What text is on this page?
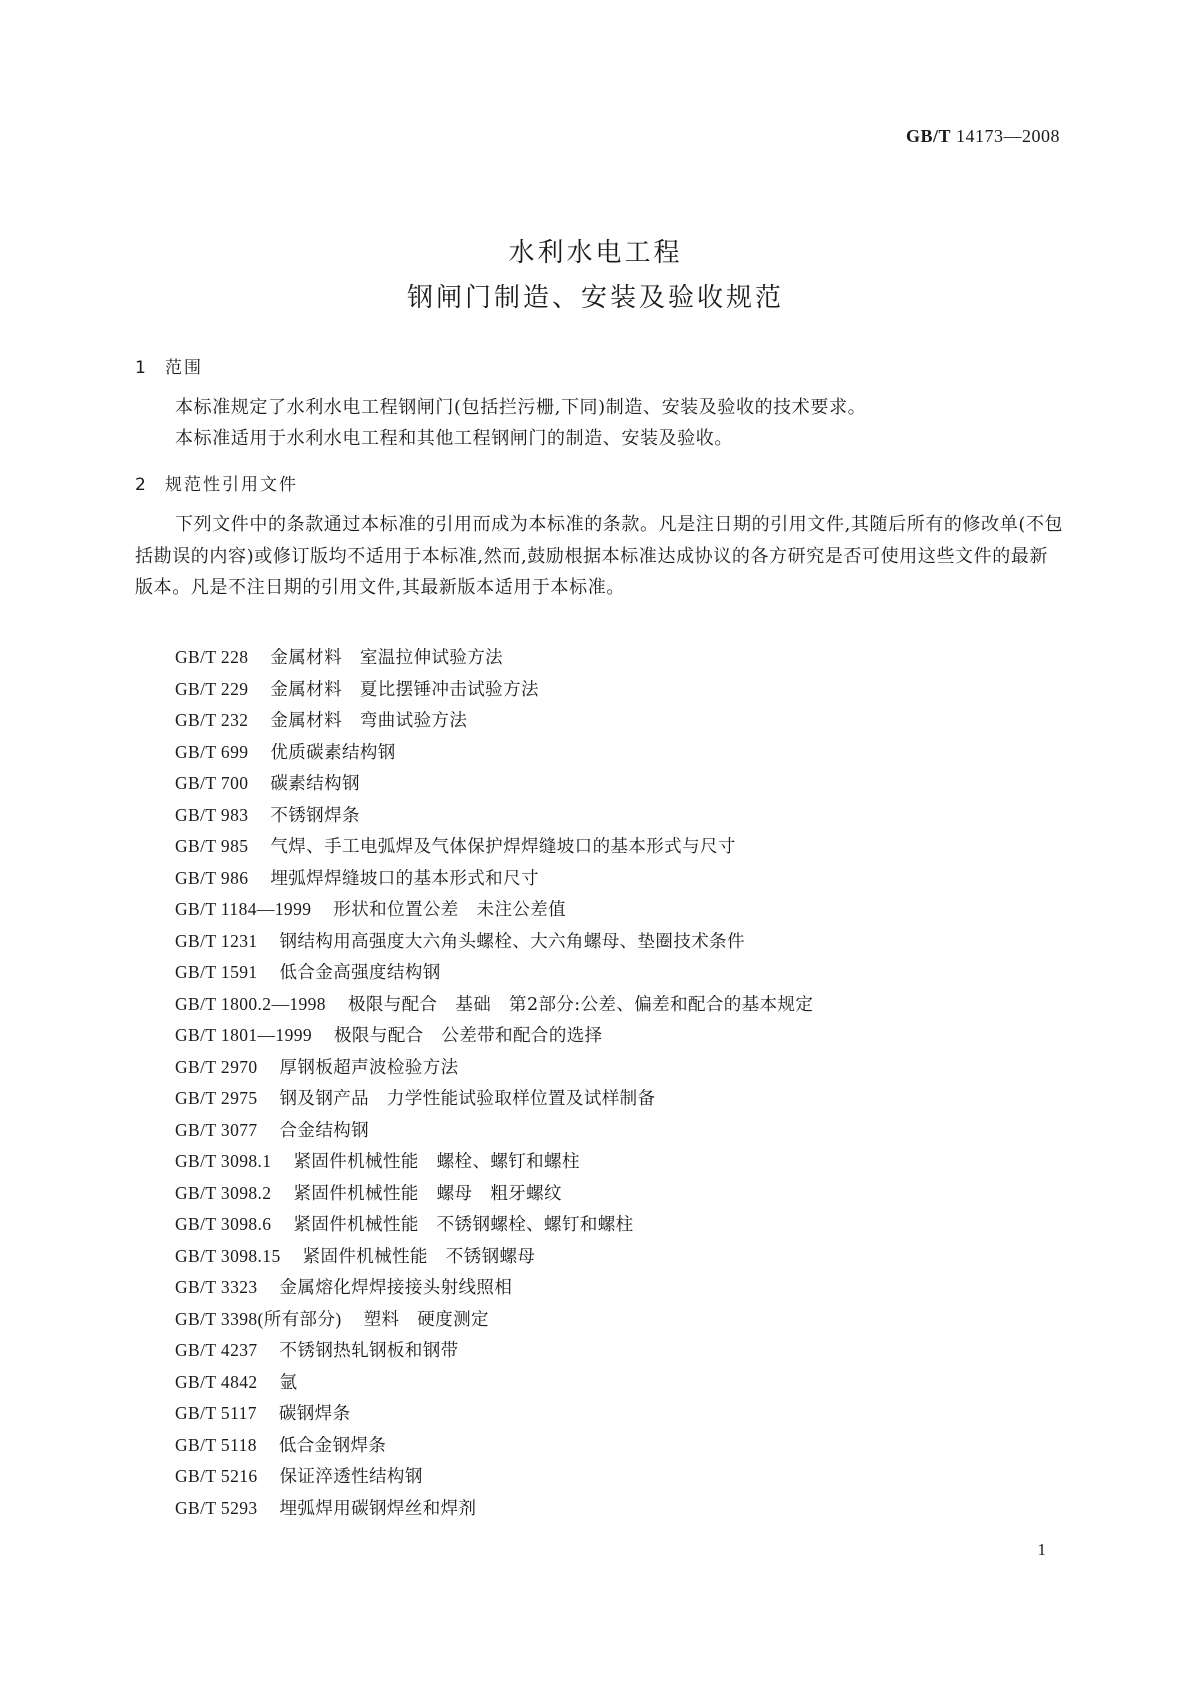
GB/T 14173—2008
水利水电工程
钢闸门制造、安装及验收规范
1 范围
本标准规定了水利水电工程钢闸门(包括拦污栅,下同)制造、安装及验收的技术要求。
本标准适用于水利水电工程和其他工程钢闸门的制造、安装及验收。
2 规范性引用文件
下列文件中的条款通过本标准的引用而成为本标准的条款。凡是注日期的引用文件,其随后所有的修改单(不包括勘误的内容)或修订版均不适用于本标准,然而,鼓励根据本标准达成协议的各方研究是否可使用这些文件的最新版本。凡是不注日期的引用文件,其最新版本适用于本标准。
GB/T 228 金属材料　室温拉伸试验方法
GB/T 229 金属材料　夏比摆锤冲击试验方法
GB/T 232 金属材料　弯曲试验方法
GB/T 699 优质碳素结构钢
GB/T 700 碳素结构钢
GB/T 983 不锈钢焊条
GB/T 985 气焊、手工电弧焊及气体保护焊焊缝坡口的基本形式与尺寸
GB/T 986 埋弧焊焊缝坡口的基本形式和尺寸
GB/T 1184—1999 形状和位置公差　未注公差值
GB/T 1231 钢结构用高强度大六角头螺栓、大六角螺母、垫圈技术条件
GB/T 1591 低合金高强度结构钢
GB/T 1800.2—1998 极限与配合　基础　第2部分:公差、偏差和配合的基本规定
GB/T 1801—1999 极限与配合　公差带和配合的选择
GB/T 2970 厚钢板超声波检验方法
GB/T 2975 钢及钢产品　力学性能试验取样位置及试样制备
GB/T 3077 合金结构钢
GB/T 3098.1 紧固件机械性能　螺栓、螺钉和螺柱
GB/T 3098.2 紧固件机械性能　螺母　粗牙螺纹
GB/T 3098.6 紧固件机械性能　不锈钢螺栓、螺钉和螺柱
GB/T 3098.15 紧固件机械性能　不锈钢螺母
GB/T 3323 金属熔化焊焊接接头射线照相
GB/T 3398(所有部分) 塑料　硬度测定
GB/T 4237 不锈钢热轧钢板和钢带
GB/T 4842 氩
GB/T 5117 碳钢焊条
GB/T 5118 低合金钢焊条
GB/T 5216 保证淬透性结构钢
GB/T 5293 埋弧焊用碳钢焊丝和焊剂
1
